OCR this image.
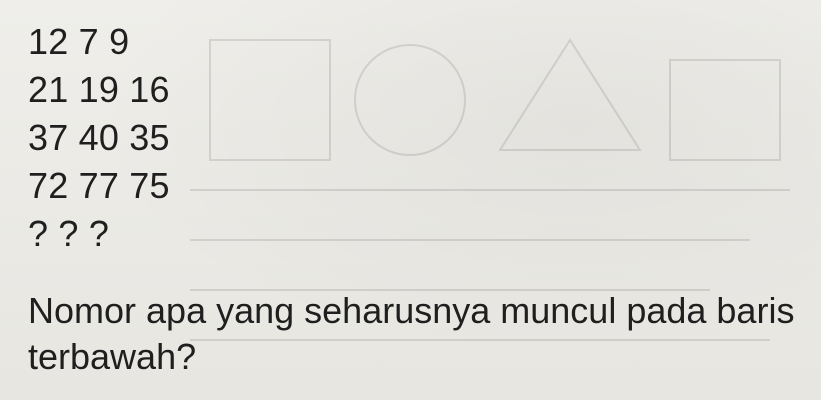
12 7 9
21 19 16
37 40 35
72 77 75
? ? ?

Nomor apa yang seharusnya muncul pada baris terbawah?
